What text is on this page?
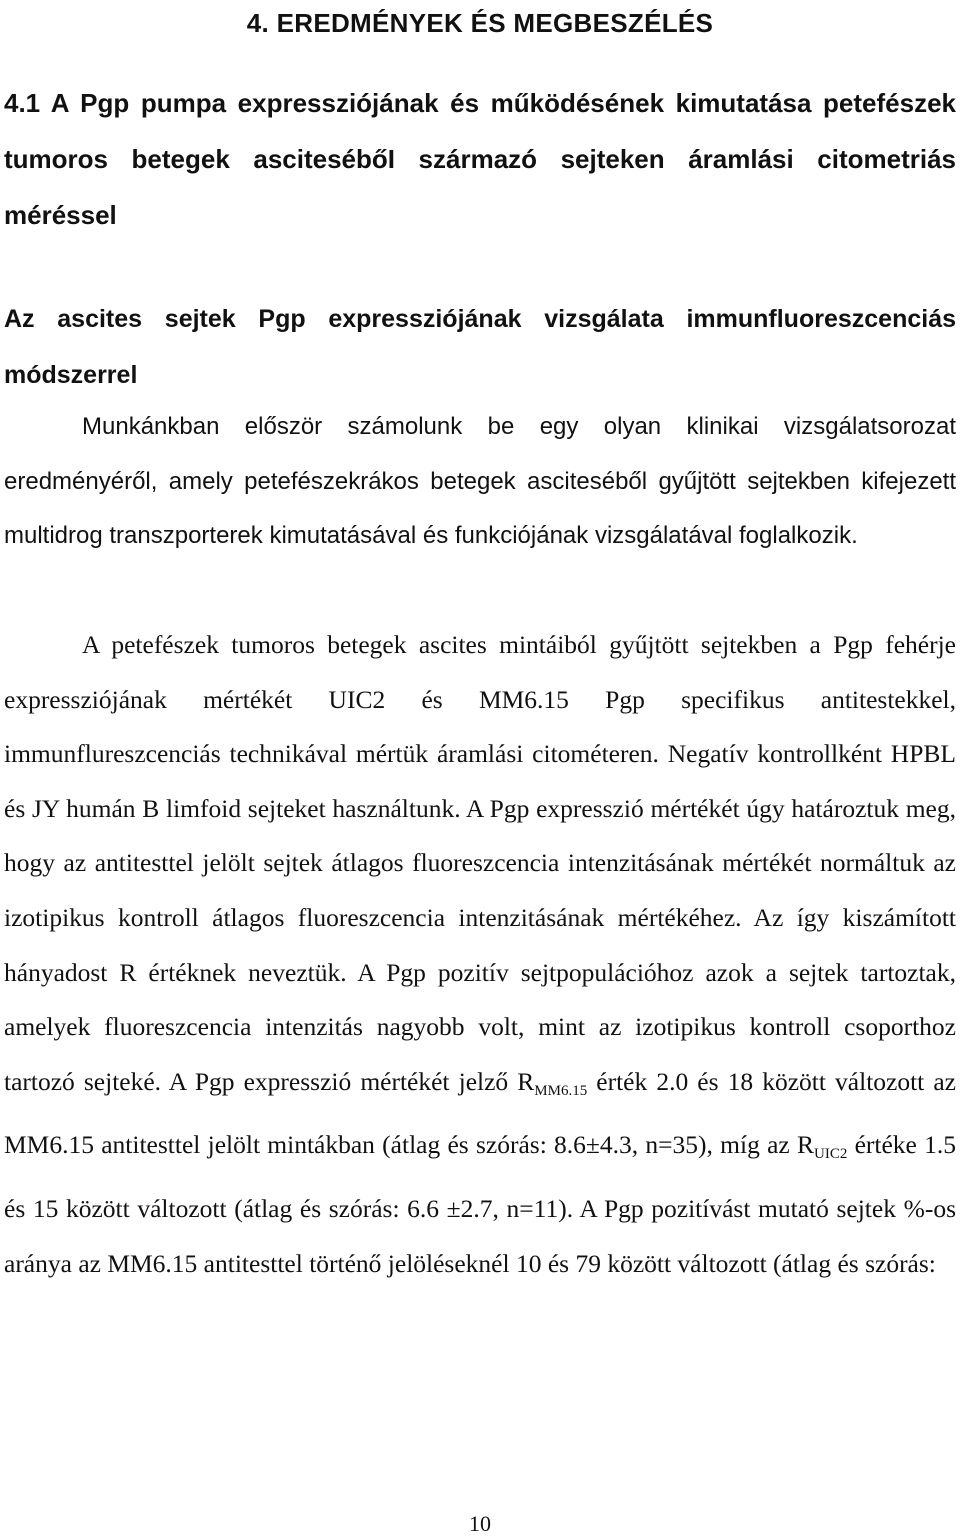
4. EREDMÉNYEK ÉS MEGBESZÉLÉS
4.1 A Pgp pumpa expressziójának és működésének kimutatása petefészek tumoros betegek ascitesébőI származó sejteken áramlási citometriás méréssel
Az ascites sejtek Pgp expressziójának vizsgálata immunfluoreszcenciás módszerrel
Munkánkban először számolunk be egy olyan klinikai vizsgálatsorozat eredményéről, amely petefészekrákos betegek asciteséből gyűjtött sejtekben kifejezett multidrog transzporterek kimutatásával és funkciójának vizsgálatával foglalkozik.
A petefészek tumoros betegek ascites mintáiból gyűjtött sejtekben a Pgp fehérje expressziójának mértékét UIC2 és MM6.15 Pgp specifikus antitestekkel, immunflureszcenciás technikával mértük áramlási citométeren. Negatív kontrollként HPBL és JY humán B limfoid sejteket használtunk. A Pgp expresszió mértékét úgy határoztuk meg, hogy az antitesttel jelölt sejtek átlagos fluoreszcencia intenzitásának mértékét normáltuk az izotipikus kontroll átlagos fluoreszcencia intenzitásának mértékéhez. Az így kiszámított hányadost R értéknek neveztük. A Pgp pozitív sejtpopulációhoz azok a sejtek tartoztak, amelyek fluoreszcencia intenzitás nagyobb volt, mint az izotipikus kontroll csoporthoz tartozó sejteké. A Pgp expresszió mértékét jelző $R_{MM6.15}$ érték 2.0 és 18 között változott az MM6.15 antitesttel jelölt mintákban (átlag és szórás: 8.6±4.3, n=35), míg az $R_{UIC2}$ értéke 1.5 és 15 között változott (átlag és szórás: 6.6 ±2.7, n=11). A Pgp pozitívást mutató sejtek %-os aránya az MM6.15 antitesttel történő jelöléseknél 10 és 79 között változott (átlag és szórás:
10
